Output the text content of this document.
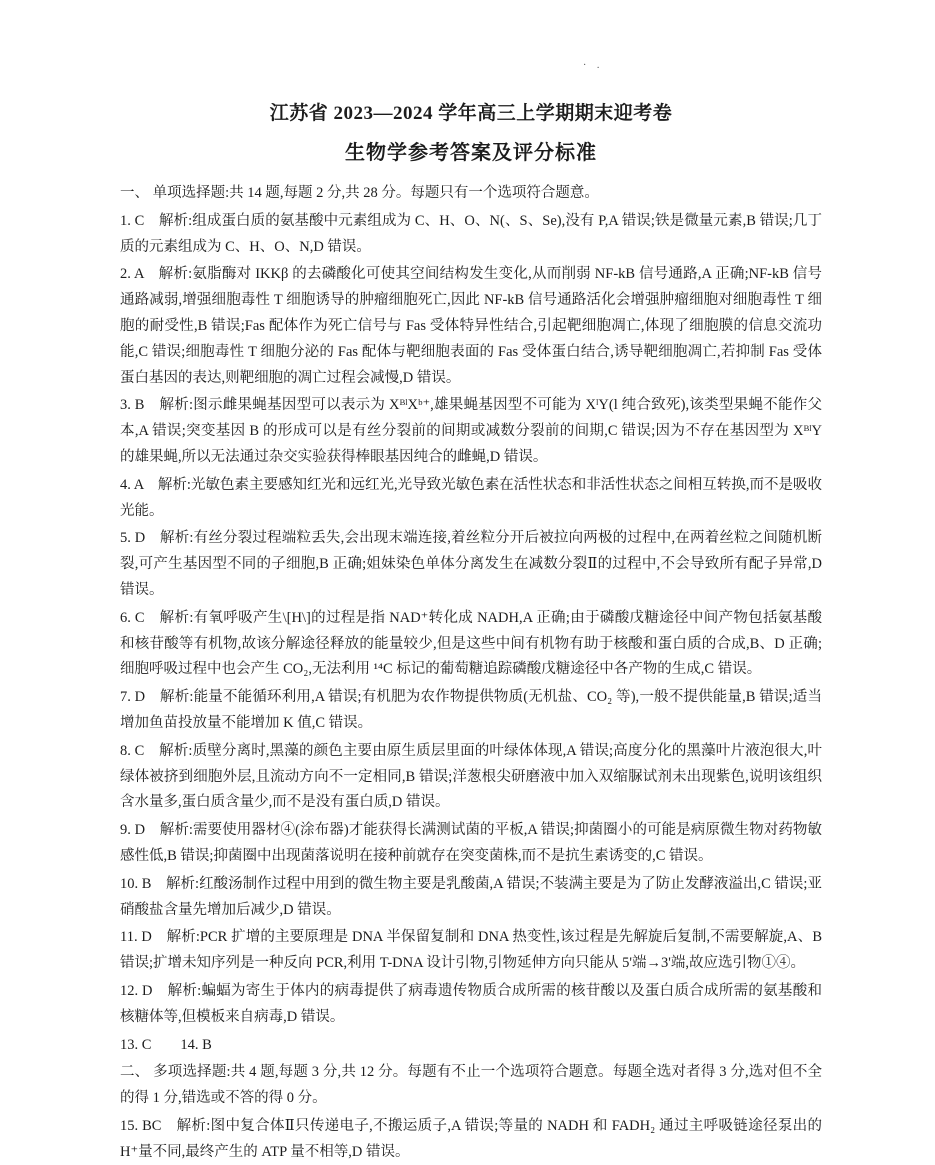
· .
江苏省 2023—2024 学年高三上学期期末迎考卷
生物学参考答案及评分标准

一、 单项选择题:共 14 题,每题 2 分,共 28 分。每题只有一个选项符合题意。

1. C　解析:组成蛋白质的氨基酸中元素组成为 C、H、O、N(、S、Se),没有 P,A 错误;铁是微量元素,B 错误;几丁质的元素组成为 C、H、O、N,D 错误。

2. A　解析:氨脂酶对 IKKβ 的去磷酸化可使其空间结构发生变化,从而削弱 NF-kB 信号通路,A 正确;NF-kB 信号通路减弱,增强细胞毒性 T 细胞诱导的肿瘤细胞死亡,因此 NF-kB 信号通路活化会增强肿瘤细胞对细胞毒性 T 细胞的耐受性,B 错误;Fas 配体作为死亡信号与 Fas 受体特异性结合,引起靶细胞凋亡,体现了细胞膜的信息交流功能,C 错误;细胞毒性 T 细胞分泌的 Fas 配体与靶细胞表面的 Fas 受体蛋白结合,诱导靶细胞凋亡,若抑制 Fas 受体蛋白基因的表达,则靶细胞的凋亡过程会减慢,D 错误。

3. B　解析:图示雌果蝇基因型可以表示为 XᴮˡXᵇ⁺,雄果蝇基因型不可能为 XˡY(l 纯合致死),该类型果蝇不能作父本,A 错误;突变基因 B 的形成可以是有丝分裂前的间期或减数分裂前的间期,C 错误;因为不存在基因型为 XᴮˡY 的雄果蝇,所以无法通过杂交实验获得棒眼基因纯合的雌蝇,D 错误。

4. A　解析:光敏色素主要感知红光和远红光,光导致光敏色素在活性状态和非活性状态之间相互转换,而不是吸收光能。

5. D　解析:有丝分裂过程端粒丢失,会出现末端连接,着丝粒分开后被拉向两极的过程中,在两着丝粒之间随机断裂,可产生基因型不同的子细胞,B 正确;姐妹染色单体分离发生在减数分裂Ⅱ的过程中,不会导致所有配子异常,D 错误。

6. C　解析:有氧呼吸产生\[H\]的过程是指 NAD⁺转化成 NADH,A 正确;由于磷酸戊糖途径中间产物包括氨基酸和核苷酸等有机物,故该分解途径释放的能量较少,但是这些中间有机物有助于核酸和蛋白质的合成,B、D 正确;细胞呼吸过程中也会产生 CO₂,无法利用 ¹⁴C 标记的葡萄糖追踪磷酸戊糖途径中各产物的生成,C 错误。

7. D　解析:能量不能循环利用,A 错误;有机肥为农作物提供物质(无机盐、CO₂ 等),一般不提供能量,B 错误;适当增加鱼苗投放量不能增加 K 值,C 错误。

8. C　解析:质壁分离时,黑藻的颜色主要由原生质层里面的叶绿体体现,A 错误;高度分化的黑藻叶片液泡很大,叶绿体被挤到细胞外层,且流动方向不一定相同,B 错误;洋葱根尖研磨液中加入双缩脲试剂未出现紫色,说明该组织含水量多,蛋白质含量少,而不是没有蛋白质,D 错误。

9. D　解析:需要使用器材④(涂布器)才能获得长满测试菌的平板,A 错误;抑菌圈小的可能是病原微生物对药物敏感性低,B 错误;抑菌圈中出现菌落说明在接种前就存在突变菌株,而不是抗生素诱变的,C 错误。

10. B　解析:红酸汤制作过程中用到的微生物主要是乳酸菌,A 错误;不装满主要是为了防止发酵液溢出,C 错误;亚硝酸盐含量先增加后减少,D 错误。

11. D　解析:PCR 扩增的主要原理是 DNA 半保留复制和 DNA 热变性,该过程是先解旋后复制,不需要解旋,A、B 错误;扩增未知序列是一种反向 PCR,利用 T-DNA 设计引物,引物延伸方向只能从 5'端→3'端,故应选引物①④。

12. D　解析:蝙蝠为寄生于体内的病毒提供了病毒遗传物质合成所需的核苷酸以及蛋白质合成所需的氨基酸和核糖体等,但模板来自病毒,D 错误。

13. C　　14. B

二、 多项选择题:共 4 题,每题 3 分,共 12 分。每题有不止一个选项符合题意。每题全选对者得 3 分,选对但不全的得 1 分,错选或不答的得 0 分。

15. BC　解析:图中复合体Ⅱ只传递电子,不搬运质子,A 错误;等量的 NADH 和 FADH₂ 通过主呼吸链途径泵出的 H⁺量不同,最终产生的 ATP 量不相等,D 错误。
